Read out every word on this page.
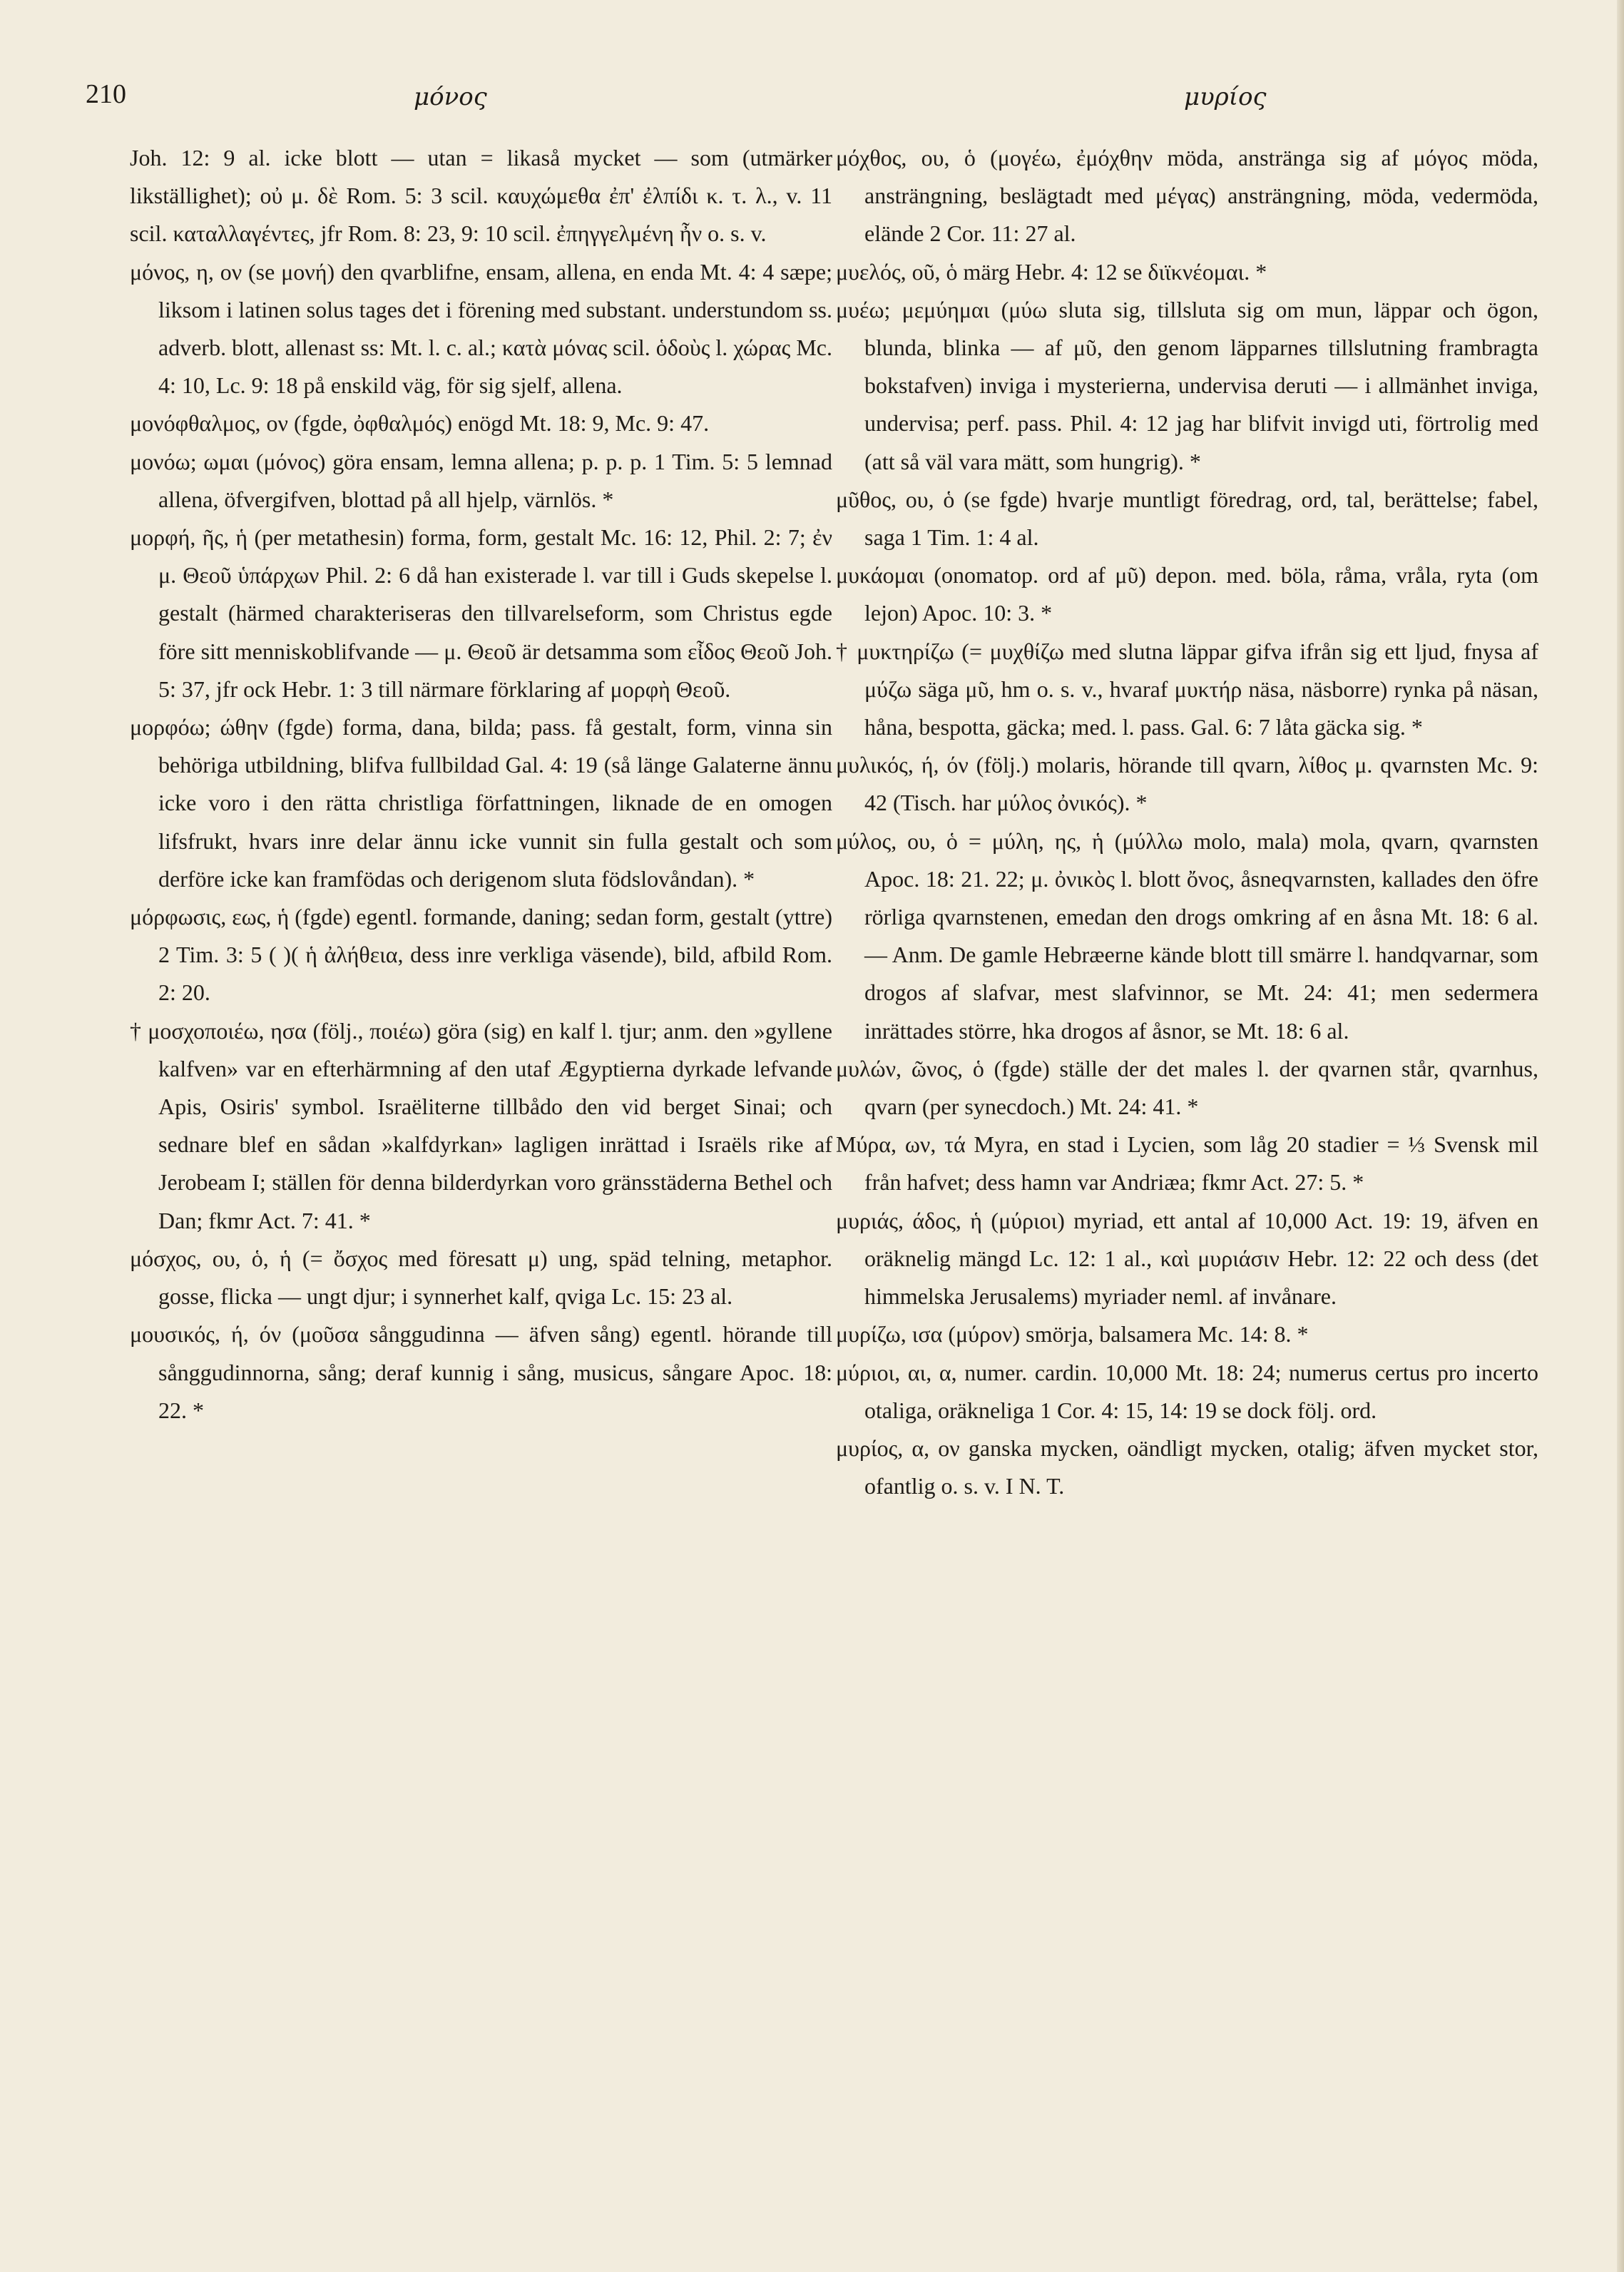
210	μόνος	μυρίος

Joh. 12: 9 al. icke blott — utan = likaså mycket — som (utmärker likställighet); οὐ μ. δὲ Rom. 5: 3 scil. καυχώμεθα ἐπ' ἐλπίδι κ. τ. λ., v. 11 scil. καταλλαγέντες, jfr Rom. 8: 23, 9: 10 scil. ἐπηγγελμένη ἦν o. s. v.

μόνος, η, ον (se μονή) den qvarblifne, ensam, allena, en enda Mt. 4: 4 sæpe; liksom i latinen solus tages det i förening med substant. understundom ss. adverb. blott, allenast ss: Mt. l. c. al.; κατὰ μόνας scil. ὁδοὺς l. χώρας Mc. 4: 10, Lc. 9: 18 på enskild väg, för sig sjelf, allena.

μονόφθαλμος, ον (fgde, ὀφθαλμός) enögd Mt. 18: 9, Mc. 9: 47.

μονόω; ωμαι (μόνος) göra ensam, lemna allena; p. p. p. 1 Tim. 5: 5 lemnad allena, öfvergifven, blottad på all hjelp, värnlös. *

μορφή, ῆς, ἡ (per metathesin) forma, form, gestalt Mc. 16: 12, Phil. 2: 7; ἐν μ. Θεοῦ ὑπάρχων Phil. 2: 6 då han existerade l. var till i Guds skepelse l. gestalt (härmed charakteriseras den tillvarelseform, som Christus egde före sitt menniskoblifvande — μ. Θεοῦ är detsamma som εἶδος Θεοῦ Joh. 5: 37, jfr ock Hebr. 1: 3 till närmare förklaring af μορφὴ Θεοῦ.

μορφόω; ώθην (fgde) forma, dana, bilda; pass. få gestalt, form, vinna sin behöriga utbildning, blifva fullbildad Gal. 4: 19 (så länge Galaterne ännu icke voro i den rätta christliga författningen, liknade de en omogen lifsfrukt, hvars inre delar ännu icke vunnit sin fulla gestalt och som derföre icke kan framfödas och derigenom sluta födslovåndan). *

μόρφωσις, εως, ἡ (fgde) egentl. formande, daning; sedan form, gestalt (yttre) 2 Tim. 3: 5 ( )( ἡ ἀλήθεια, dess inre verkliga väsende), bild, afbild Rom. 2: 20.

† μοσχοποιέω, ησα (följ., ποιέω) göra (sig) en kalf l. tjur; anm. den »gyllene kalfven» var en efterhärmning af den utaf Ægyptierna dyrkade lefvande Apis, Osiris' symbol. Israëliterne tillbådo den vid berget Sinai; och sednare blef en sådan »kalfdyrkan» lagligen inrättad i Israëls rike af Jerobeam I; ställen för denna bilderdyrkan voro gränsstäderna Bethel och Dan; fkmr Act. 7: 41. *

μόσχος, ου, ὁ, ἡ (= ὄσχος med föresatt μ) ung, späd telning, metaphor. gosse, flicka — ungt djur; i synnerhet kalf, qviga Lc. 15: 23 al.

μουσικός, ή, όν (μοῦσα sånggudinna — äfven sång) egentl. hörande till sånggudinnorna, sång; deraf kunnig i sång, musicus, sångare Apoc. 18: 22. *

μόχθος, ου, ὁ (μογέω, ἐμόχθην möda, anstränga sig af μόγος möda, ansträngning, beslägtadt med μέγας) ansträngning, möda, vedermöda, elände 2 Cor. 11: 27 al.

μυελός, οῦ, ὁ märg Hebr. 4: 12 se διϊκνέομαι. *

μυέω; μεμύημαι (μύω sluta sig, tillsluta sig om mun, läppar och ögon, blunda, blinka — af μῦ, den genom läpparnes tillslutning frambragta bokstafven) inviga i mysterierna, undervisa deruti — i allmänhet inviga, undervisa; perf. pass. Phil. 4: 12 jag har blifvit invigd uti, förtrolig med (att så väl vara mätt, som hungrig). *

μῦθος, ου, ὁ (se fgde) hvarje muntligt föredrag, ord, tal, berättelse; fabel, saga 1 Tim. 1: 4 al.

μυκάομαι (onomatop. ord af μῦ) depon. med. böla, råma, vråla, ryta (om lejon) Apoc. 10: 3. *

† μυκτηρίζω (= μυχθίζω med slutna läppar gifva ifrån sig ett ljud, fnysa af μύζω säga μῦ, hm o. s. v., hvaraf μυκτήρ näsa, näsborre) rynka på näsan, håna, bespotta, gäcka; med. l. pass. Gal. 6: 7 låta gäcka sig. *

μυλικός, ή, όν (följ.) molaris, hörande till qvarn, λίθος μ. qvarnsten Mc. 9: 42 (Tisch. har μύλος ὀνικός). *

μύλος, ου, ὁ = μύλη, ης, ἡ (μύλλω molo, mala) mola, qvarn, qvarnsten Apoc. 18: 21. 22; μ. ὀνικὸς l. blott ὄνος, åsneqvarnsten, kallades den öfre rörliga qvarnstenen, emedan den drogs omkring af en åsna Mt. 18: 6 al. — Anm. De gamle Hebræerne kände blott till smärre l. handqvarnar, som drogos af slafvar, mest slafvinnor, se Mt. 24: 41; men sedermera inrättades större, hka drogos af åsnor, se Mt. 18: 6 al.

μυλών, ῶνος, ὁ (fgde) ställe der det males l. der qvarnen står, qvarnhus, qvarn (per synecdoch.) Mt. 24: 41. *

Μύρα, ων, τά Myra, en stad i Lycien, som låg 20 stadier = ⅓ Svensk mil från hafvet; dess hamn var Andriæa; fkmr Act. 27: 5. *

μυριάς, άδος, ἡ (μύριοι) myriad, ett antal af 10,000 Act. 19: 19, äfven en oräknelig mängd Lc. 12: 1 al., καὶ μυριάσιν Hebr. 12: 22 och dess (det himmelska Jerusalems) myriader neml. af invånare.

μυρίζω, ισα (μύρον) smörja, balsamera Mc. 14: 8. *

μύριοι, αι, α, numer. cardin. 10,000 Mt. 18: 24; numerus certus pro incerto otaliga, oräkneliga 1 Cor. 4: 15, 14: 19 se dock följ. ord.

μυρίος, α, ον ganska mycken, oändligt mycken, otalig; äfven mycket stor, ofantlig o. s. v. I N. T.
